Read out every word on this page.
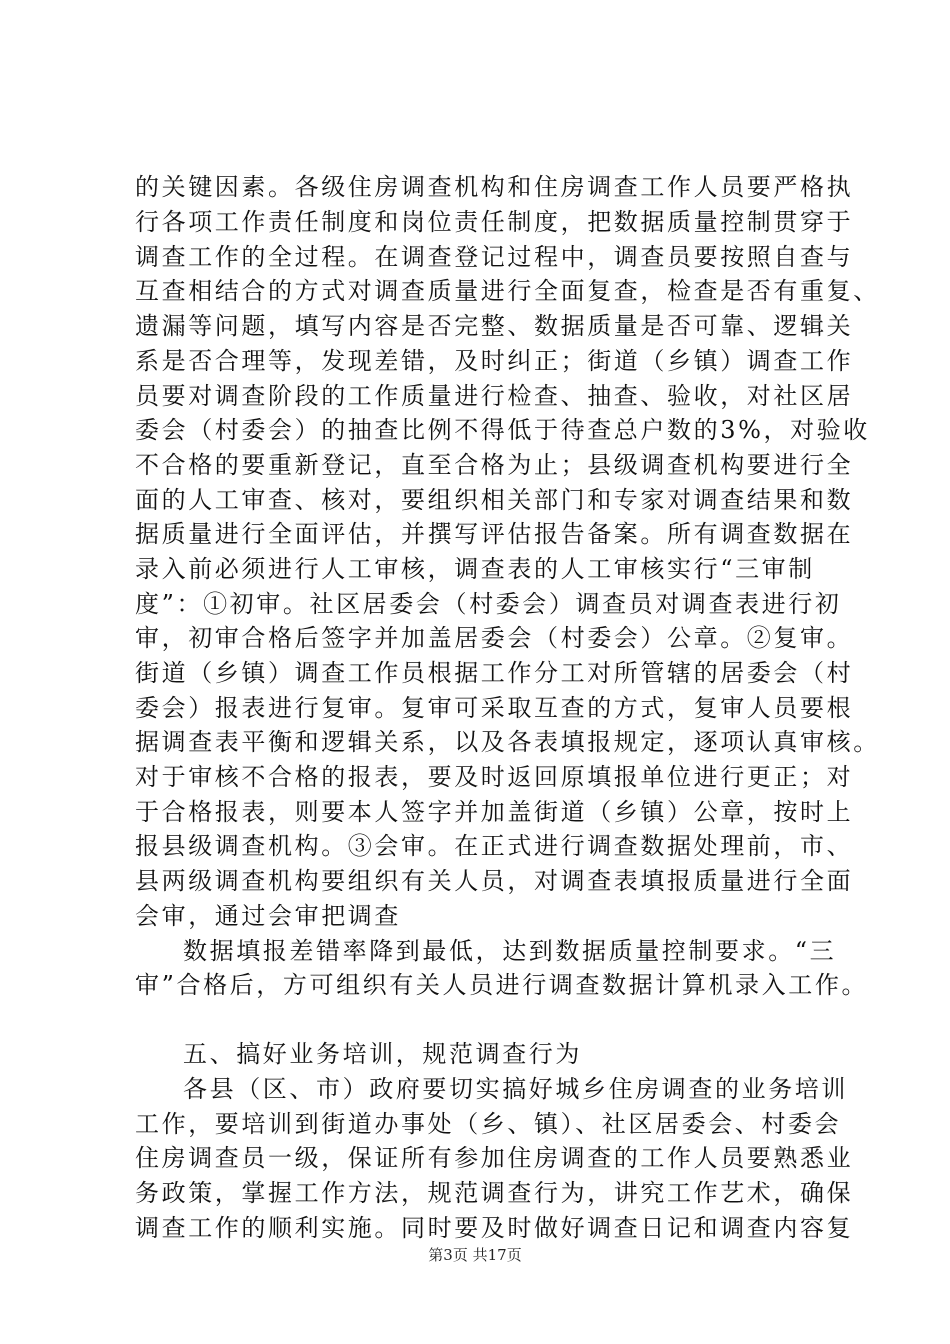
的关键因素。各级住房调查机构和住房调查工作人员要严格执
行各项工作责任制度和岗位责任制度，把数据质量控制贯穿于
调查工作的全过程。在调查登记过程中，调查员要按照自查与
互查相结合的方式对调查质量进行全面复查，检查是否有重复、
遗漏等问题，填写内容是否完整、数据质量是否可靠、逻辑关
系是否合理等，发现差错，及时纠正；街道（乡镇）调查工作
员要对调查阶段的工作质量进行检查、抽查、验收，对社区居
委会（村委会）的抽查比例不得低于待查总户数的3%，对验收
不合格的要重新登记，直至合格为止；县级调查机构要进行全
面的人工审查、核对，要组织相关部门和专家对调查结果和数
据质量进行全面评估，并撰写评估报告备案。所有调查数据在
录入前必须进行人工审核，调查表的人工审核实行“三审制
度”：①初审。社区居委会（村委会）调查员对调查表进行初
审，初审合格后签字并加盖居委会（村委会）公章。②复审。
街道（乡镇）调查工作员根据工作分工对所管辖的居委会（村
委会）报表进行复审。复审可采取互查的方式，复审人员要根
据调查表平衡和逻辑关系，以及各表填报规定，逐项认真审核。
对于审核不合格的报表，要及时返回原填报单位进行更正；对
于合格报表，则要本人签字并加盖街道（乡镇）公章，按时上
报县级调查机构。③会审。在正式进行调查数据处理前，市、
县两级调查机构要组织有关人员，对调查表填报质量进行全面
会审，通过会审把调查
数据填报差错率降到最低，达到数据质量控制要求。“三
审”合格后，方可组织有关人员进行调查数据计算机录入工作。
五、搞好业务培训，规范调查行为
各县（区、市）政府要切实搞好城乡住房调查的业务培训
工作，要培训到街道办事处（乡、镇）、社区居委会、村委会
住房调查员一级，保证所有参加住房调查的工作人员要熟悉业
务政策，掌握工作方法，规范调查行为，讲究工作艺术，确保
调查工作的顺利实施。同时要及时做好调查日记和调查内容复
第3页 共17页
